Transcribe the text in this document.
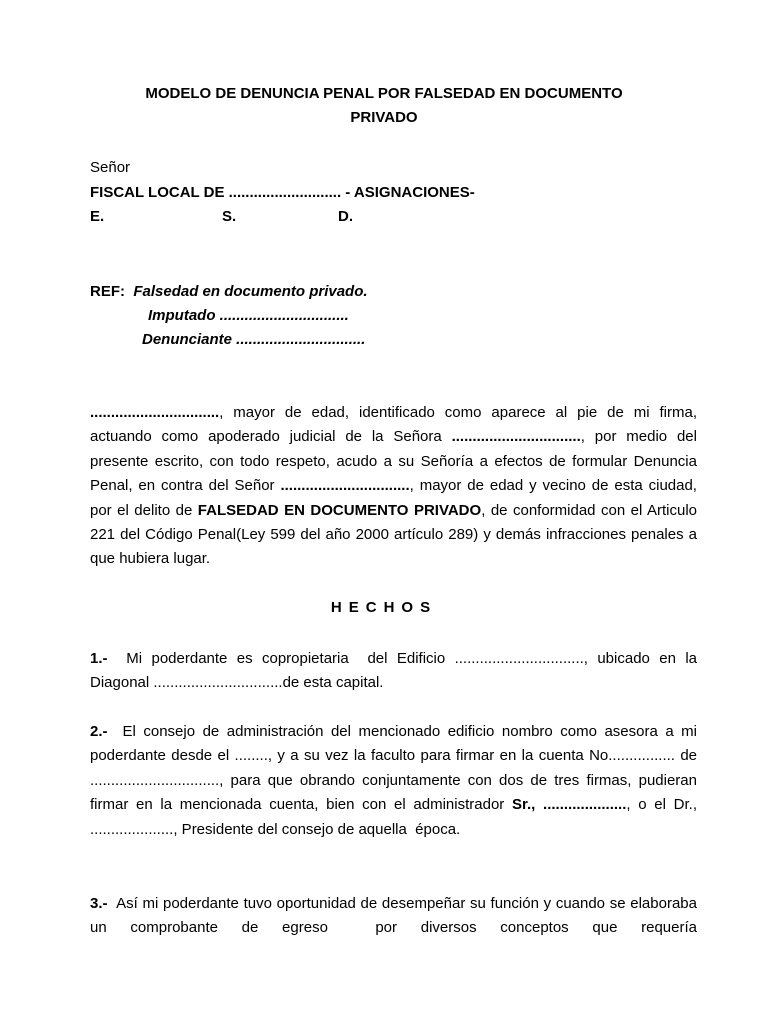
MODELO DE DENUNCIA PENAL POR FALSEDAD EN DOCUMENTO
PRIVADO
Señor
FISCAL LOCAL DE ........................... - ASIGNACIONES-
E.	S.	D.
REF: Falsedad en documento privado.
Imputado ...............................
Denunciante ...............................
..............................., mayor de edad, identificado como aparece al pie de mi firma, actuando como apoderado judicial de la Señora ..............................., por medio del presente escrito, con todo respeto, acudo a su Señoría a efectos de formular Denuncia Penal, en contra del Señor ..............................., mayor de edad y vecino de esta ciudad, por el delito de FALSEDAD EN DOCUMENTO PRIVADO, de conformidad con el Articulo 221 del Código Penal(Ley 599 del año 2000 artículo 289) y demás infracciones penales a que hubiera lugar.
HECHOS
1.-  Mi poderdante es copropietaria  del Edificio ..............................., ubicado en la Diagonal ...............................de esta capital.
2.-  El consejo de administración del mencionado edificio nombro como asesora a mi poderdante desde el ........, y a su vez la faculto para firmar en la cuenta No................ de ..............................., para que obrando conjuntamente con dos de tres firmas, pudieran firmar en la mencionada cuenta, bien con el administrador Sr., ...................., o el Dr., ...................., Presidente del consejo de aquella  época.
3.-  Así mi poderdante tuvo oportunidad de desempeñar su función y cuando se elaboraba un comprobante de egreso  por diversos conceptos que requería
